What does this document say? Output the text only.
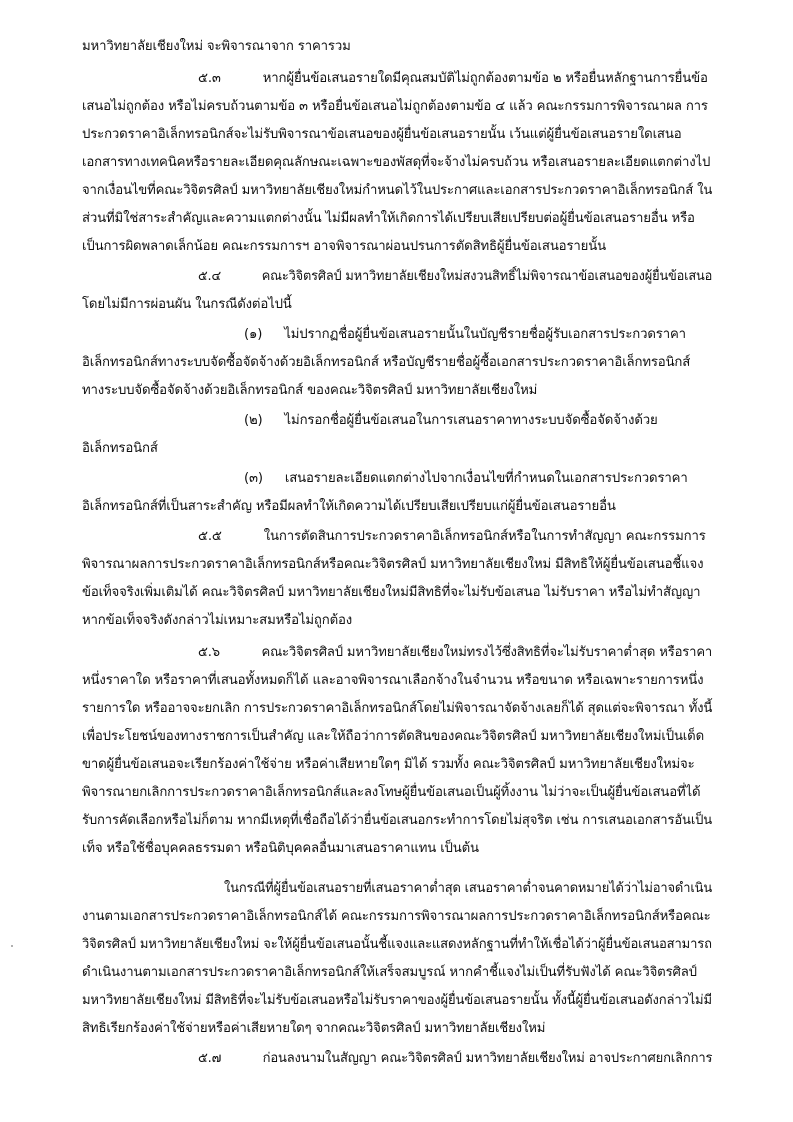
มหาวิทยาลัยเชียงใหม่ จะพิจารณาจาก ราคารวม
๕.๓	หากผู้ยื่นข้อเสนอรายใดมีคุณสมบัติไม่ถูกต้องตามข้อ ๒ หรือยื่นหลักฐานการยื่นข้อ
เสนอไม่ถูกต้อง หรือไม่ครบถ้วนตามข้อ ๓ หรือยื่นข้อเสนอไม่ถูกต้องตามข้อ ๔ แล้ว คณะกรรมการพิจารณาผล การ
ประกวดราคาอิเล็กทรอนิกส์จะไม่รับพิจารณาข้อเสนอของผู้ยื่นข้อเสนอรายนั้น เว้นแต่ผู้ยื่นข้อเสนอรายใดเสนอ
เอกสารทางเทคนิคหรือรายละเอียดคุณลักษณะเฉพาะของพัสดุที่จะจ้างไม่ครบถ้วน หรือเสนอรายละเอียดแตกต่างไป
จากเงื่อนไขที่คณะวิจิตรศิลป์ มหาวิทยาลัยเชียงใหม่กำหนดไว้ในประกาศและเอกสารประกวดราคาอิเล็กทรอนิกส์ ใน
ส่วนที่มิใช่สาระสำคัญและความแตกต่างนั้น ไม่มีผลทำให้เกิดการได้เปรียบเสียเปรียบต่อผู้ยื่นข้อเสนอรายอื่น หรือ
เป็นการผิดพลาดเล็กน้อย คณะกรรมการฯ อาจพิจารณาผ่อนปรนการตัดสิทธิผู้ยื่นข้อเสนอรายนั้น
๕.๔	คณะวิจิตรศิลป์ มหาวิทยาลัยเชียงใหม่สงวนสิทธิ์ไม่พิจารณาข้อเสนอของผู้ยื่นข้อเสนอ
โดยไม่มีการผ่อนผัน ในกรณีดังต่อไปนี้
(๑) ไม่ปรากฏชื่อผู้ยื่นข้อเสนอรายนั้นในบัญชีรายชื่อผู้รับเอกสารประกวดราคา
อิเล็กทรอนิกส์ทางระบบจัดซื้อจัดจ้างด้วยอิเล็กทรอนิกส์ หรือบัญชีรายชื่อผู้ซื้อเอกสารประกวดราคาอิเล็กทรอนิกส์
ทางระบบจัดซื้อจัดจ้างด้วยอิเล็กทรอนิกส์ ของคณะวิจิตรศิลป์ มหาวิทยาลัยเชียงใหม่
(๒) ไม่กรอกชื่อผู้ยื่นข้อเสนอในการเสนอราคาทางระบบจัดซื้อจัดจ้างด้วย
อิเล็กทรอนิกส์
(๓) เสนอรายละเอียดแตกต่างไปจากเงื่อนไขที่กำหนดในเอกสารประกวดราคา
อิเล็กทรอนิกส์ที่เป็นสาระสำคัญ หรือมีผลทำให้เกิดความได้เปรียบเสียเปรียบแก่ผู้ยื่นข้อเสนอรายอื่น
๕.๕	ในการตัดสินการประกวดราคาอิเล็กทรอนิกส์หรือในการทำสัญญา คณะกรรมการ
พิจารณาผลการประกวดราคาอิเล็กทรอนิกส์หรือคณะวิจิตรศิลป์ มหาวิทยาลัยเชียงใหม่ มีสิทธิให้ผู้ยื่นข้อเสนอชี้แจง
ข้อเท็จจริงเพิ่มเติมได้ คณะวิจิตรศิลป์ มหาวิทยาลัยเชียงใหม่มีสิทธิที่จะไม่รับข้อเสนอ ไม่รับราคา หรือไม่ทำสัญญา
หากข้อเท็จจริงดังกล่าวไม่เหมาะสมหรือไม่ถูกต้อง
๕.๖	คณะวิจิตรศิลป์ มหาวิทยาลัยเชียงใหม่ทรงไว้ซึ่งสิทธิที่จะไม่รับราคาต่ำสุด หรือราคา
หนึ่งราคาใด หรือราคาที่เสนอทั้งหมดก็ได้ และอาจพิจารณาเลือกจ้างในจำนวน หรือขนาด หรือเฉพาะรายการหนึ่ง
รายการใด หรืออาจจะยกเลิก การประกวดราคาอิเล็กทรอนิกส์โดยไม่พิจารณาจัดจ้างเลยก็ได้ สุดแต่จะพิจารณา ทั้งนี้
เพื่อประโยชน์ของทางราชการเป็นสำคัญ และให้ถือว่าการตัดสินของคณะวิจิตรศิลป์ มหาวิทยาลัยเชียงใหม่เป็นเด็ด
ขาดผู้ยื่นข้อเสนอจะเรียกร้องค่าใช้จ่าย หรือค่าเสียหายใดๆ มิได้ รวมทั้ง คณะวิจิตรศิลป์ มหาวิทยาลัยเชียงใหม่จะ
พิจารณายกเลิกการประกวดราคาอิเล็กทรอนิกส์และลงโทษผู้ยื่นข้อเสนอเป็นผู้ทิ้งงาน ไม่ว่าจะเป็นผู้ยื่นข้อเสนอที่ได้
รับการคัดเลือกหรือไม่ก็ตาม หากมีเหตุที่เชื่อถือได้ว่ายื่นข้อเสนอกระทำการโดยไม่สุจริต เช่น การเสนอเอกสารอันเป็น
เท็จ หรือใช้ชื่อบุคคลธรรมดา หรือนิติบุคคลอื่นมาเสนอราคาแทน เป็นต้น
ในกรณีที่ผู้ยื่นข้อเสนอรายที่เสนอราคาต่ำสุด เสนอราคาต่ำจนคาดหมายได้ว่าไม่อาจดำเนิน
งานตามเอกสารประกวดราคาอิเล็กทรอนิกส์ได้ คณะกรรมการพิจารณาผลการประกวดราคาอิเล็กทรอนิกส์หรือคณะ
วิจิตรศิลป์ มหาวิทยาลัยเชียงใหม่ จะให้ผู้ยื่นข้อเสนอนั้นชี้แจงและแสดงหลักฐานที่ทำให้เชื่อได้ว่าผู้ยื่นข้อเสนอสามารถ
ดำเนินงานตามเอกสารประกวดราคาอิเล็กทรอนิกส์ให้เสร็จสมบูรณ์ หากคำชี้แจงไม่เป็นที่รับฟังได้ คณะวิจิตรศิลป์
มหาวิทยาลัยเชียงใหม่ มีสิทธิที่จะไม่รับข้อเสนอหรือไม่รับราคาของผู้ยื่นข้อเสนอรายนั้น ทั้งนี้ผู้ยื่นข้อเสนอดังกล่าวไม่มี
สิทธิเรียกร้องค่าใช้จ่ายหรือค่าเสียหายใดๆ จากคณะวิจิตรศิลป์ มหาวิทยาลัยเชียงใหม่
๕.๗	ก่อนลงนามในสัญญา คณะวิจิตรศิลป์ มหาวิทยาลัยเชียงใหม่ อาจประกาศยกเลิกการ
